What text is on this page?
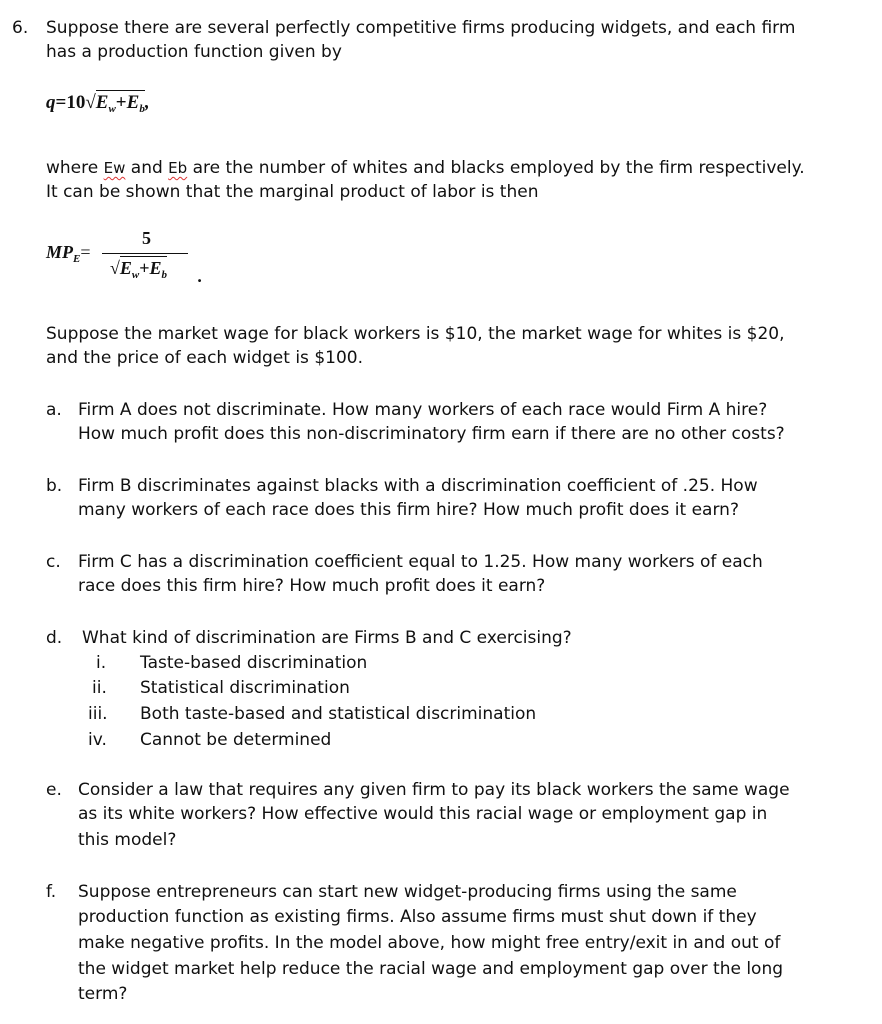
6. Suppose there are several perfectly competitive firms producing widgets, and each firm
has a production function given by
$q=10√E_w+E_b$,
where Ew and Eb are the number of whites and blacks employed by the firm respectively.
It can be shown that the marginal product of labor is then
$MP_E=$
5
$√E_w+E_b$ .
Suppose the market wage for black workers is $10, the market wage for whites is $20,
and the price of each widget is $100.
a. Firm A does not discriminate. How many workers of each race would Firm A hire?
How much profit does this non-discriminatory firm earn if there are no other costs?
b. Firm B discriminates against blacks with a discrimination coefficient of .25. How
many workers of each race does this firm hire? How much profit does it earn?
c. Firm C has a discrimination coefficient equal to 1.25. How many workers of each
race does this firm hire? How much profit does it earn?
d. What kind of discrimination are Firms B and C exercising?
i. Taste-based discrimination
ii. Statistical discrimination
iii. Both taste-based and statistical discrimination
iv. Cannot be determined
e. Consider a law that requires any given firm to pay its black workers the same wage
as its white workers? How effective would this racial wage or employment gap in
this model?
f. Suppose entrepreneurs can start new widget-producing firms using the same
production function as existing firms. Also assume firms must shut down if they
make negative profits. In the model above, how might free entry/exit in and out of
the widget market help reduce the racial wage and employment gap over the long
term?
